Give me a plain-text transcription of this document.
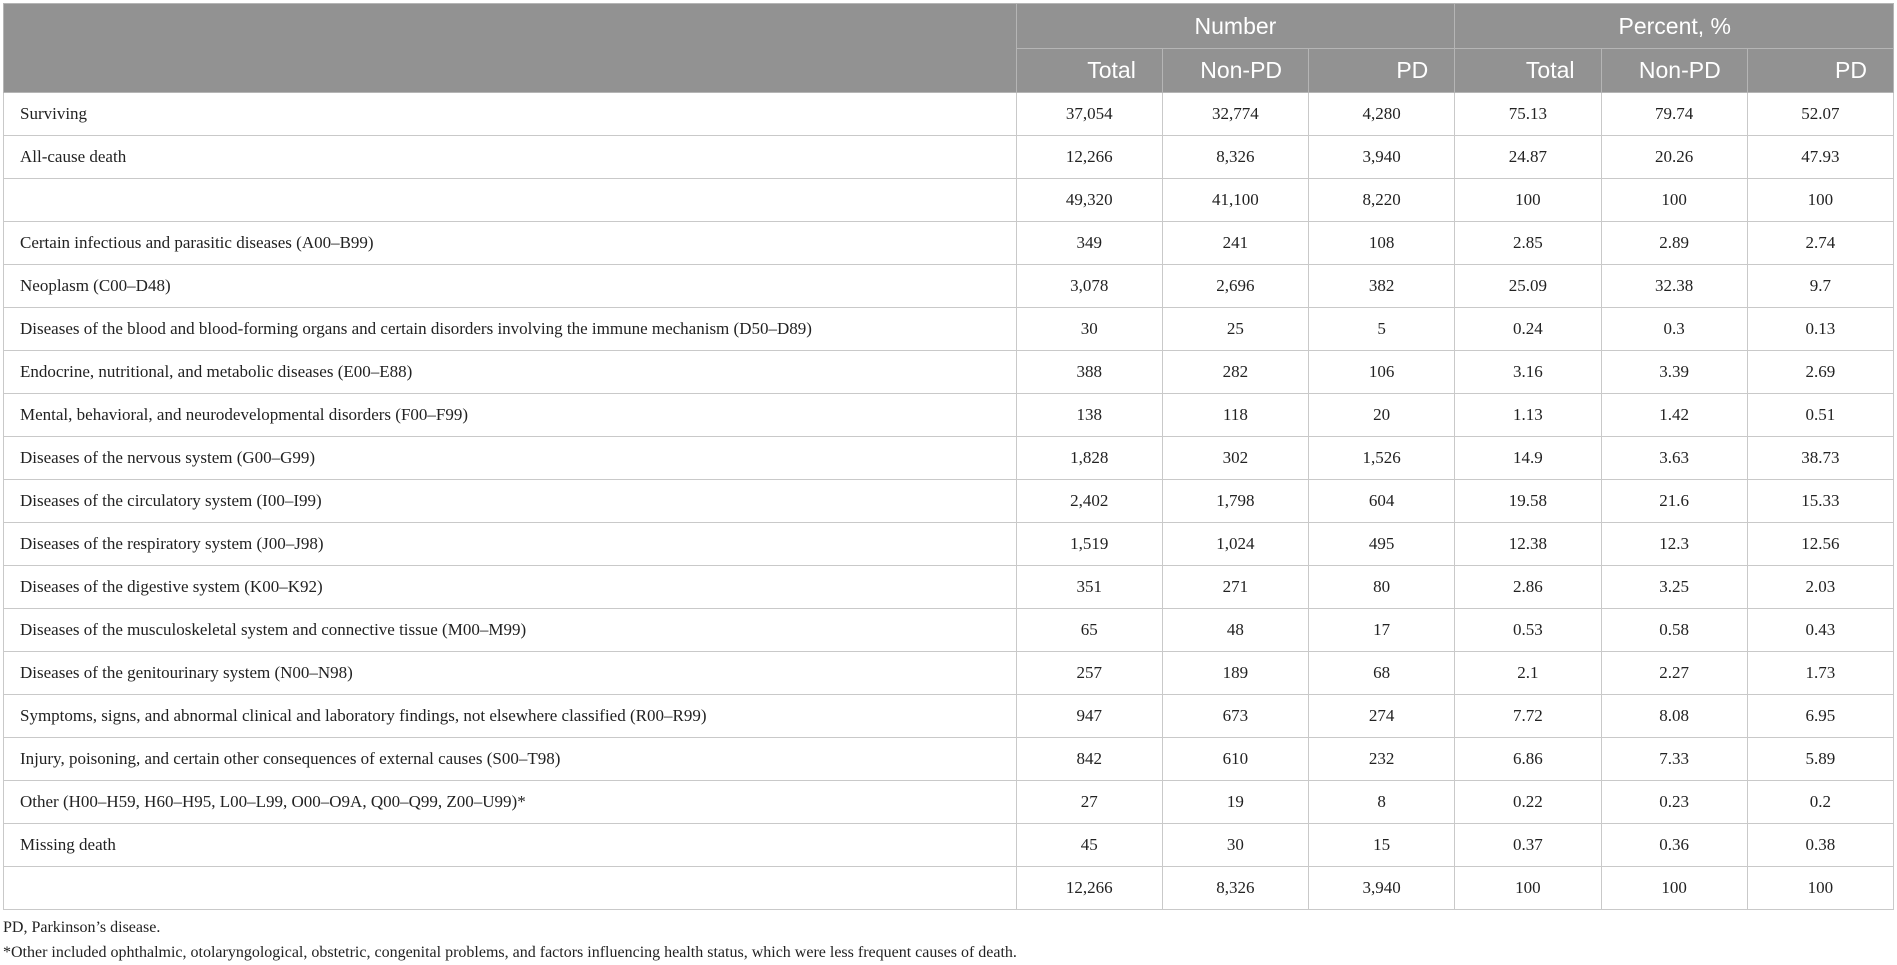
	Number			Percent, %		
	Total	Non-PD	PD	Total	Non-PD	PD
Surviving	37,054	32,774	4,280	75.13	79.74	52.07
All-cause death	12,266	8,326	3,940	24.87	20.26	47.93
	49,320	41,100	8,220	100	100	100
Certain infectious and parasitic diseases (A00–B99)	349	241	108	2.85	2.89	2.74
Neoplasm (C00–D48)	3,078	2,696	382	25.09	32.38	9.7
Diseases of the blood and blood-forming organs and certain disorders involving the immune mechanism (D50–D89)	30	25	5	0.24	0.3	0.13
Endocrine, nutritional, and metabolic diseases (E00–E88)	388	282	106	3.16	3.39	2.69
Mental, behavioral, and neurodevelopmental disorders (F00–F99)	138	118	20	1.13	1.42	0.51
Diseases of the nervous system (G00–G99)	1,828	302	1,526	14.9	3.63	38.73
Diseases of the circulatory system (I00–I99)	2,402	1,798	604	19.58	21.6	15.33
Diseases of the respiratory system (J00–J98)	1,519	1,024	495	12.38	12.3	12.56
Diseases of the digestive system (K00–K92)	351	271	80	2.86	3.25	2.03
Diseases of the musculoskeletal system and connective tissue (M00–M99)	65	48	17	0.53	0.58	0.43
Diseases of the genitourinary system (N00–N98)	257	189	68	2.1	2.27	1.73
Symptoms, signs, and abnormal clinical and laboratory findings, not elsewhere classified (R00–R99)	947	673	274	7.72	8.08	6.95
Injury, poisoning, and certain other consequences of external causes (S00–T98)	842	610	232	6.86	7.33	5.89
Other (H00–H59, H60–H95, L00–L99, O00–O9A, Q00–Q99, Z00–U99)*	27	19	8	0.22	0.23	0.2
Missing death	45	30	15	0.37	0.36	0.38
	12,266	8,326	3,940	100	100	100

PD, Parkinson’s disease.

*Other included ophthalmic, otolaryngological, obstetric, congenital problems, and factors influencing health status, which were less frequent causes of death.
